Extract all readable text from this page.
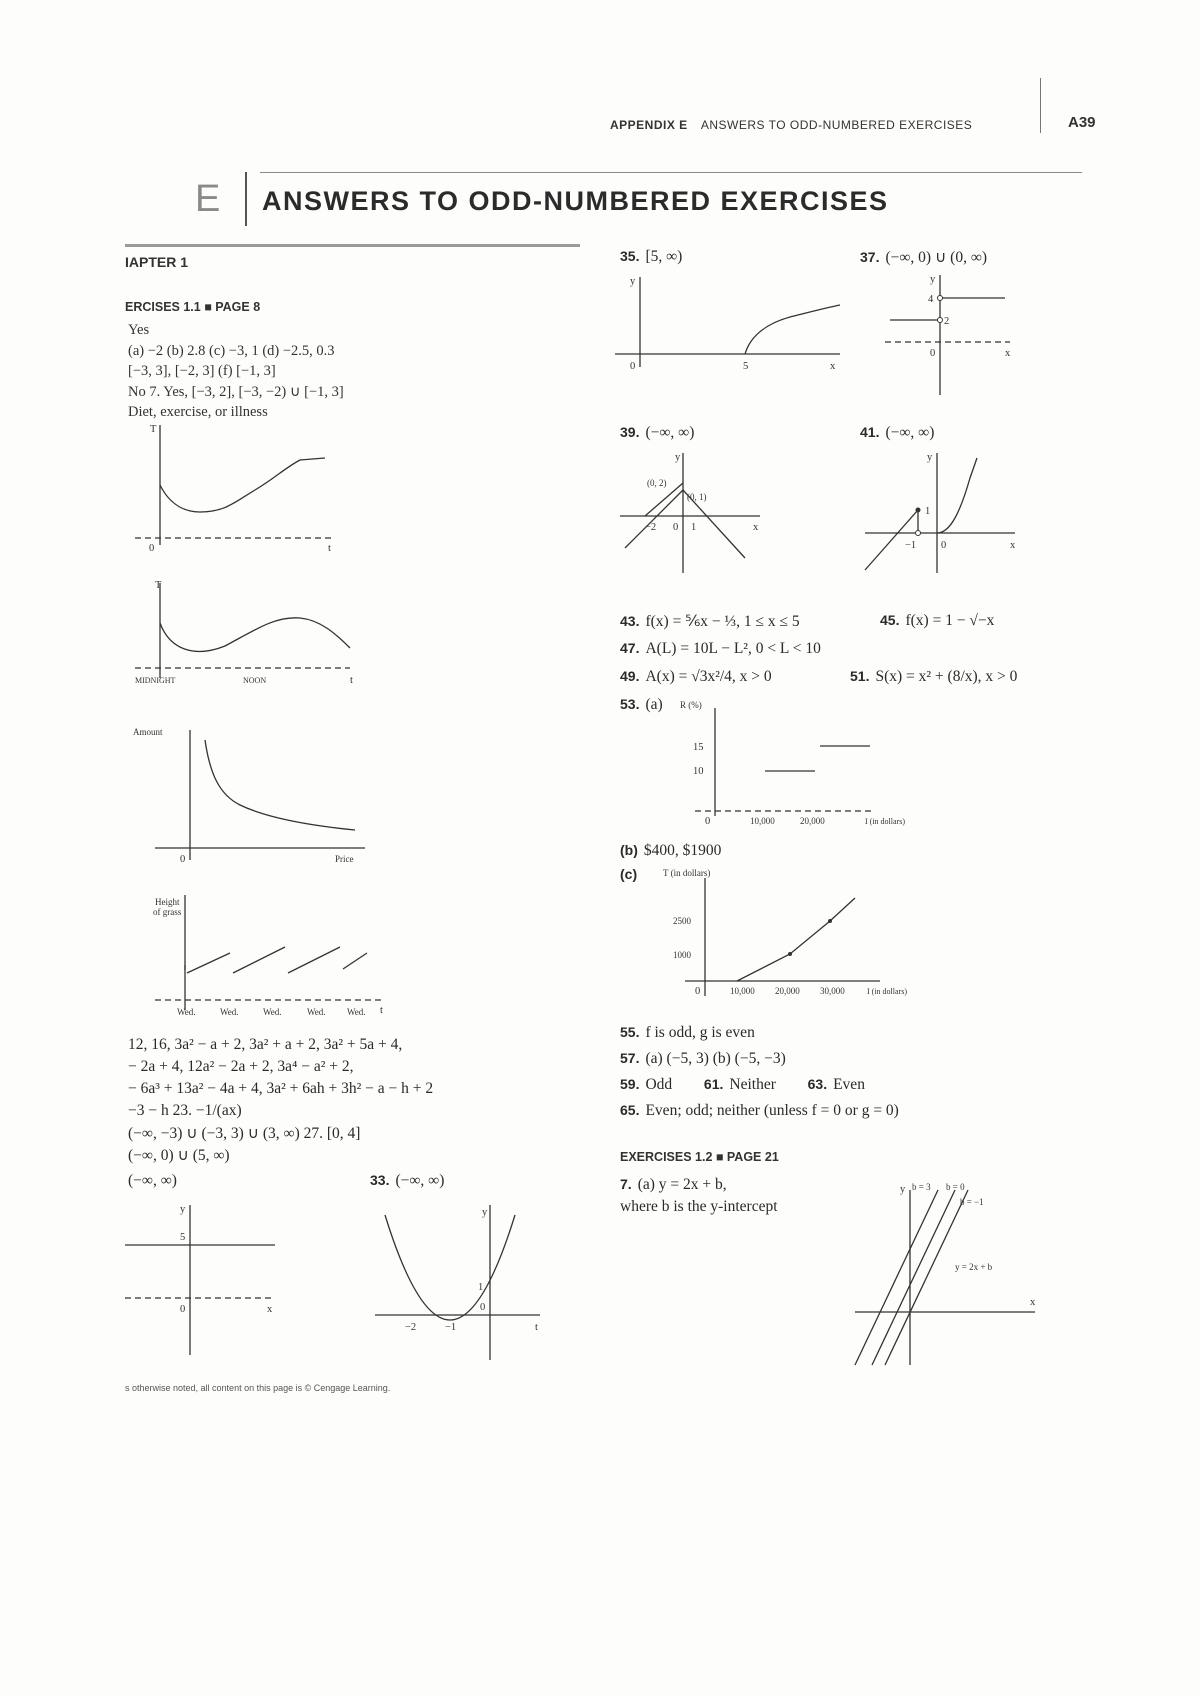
APPENDIX E ANSWERS TO ODD-NUMBERED EXERCISES	A39
E ANSWERS TO ODD-NUMBERED EXERCISES
IAPTER 1
ERCISES 1.1 ■ PAGE 8
Yes
(a) −2 (b) 2.8 (c) −3, 1 (d) −2.5, 0.3
[−3, 3], [−2, 3] (f) [−1, 3]
No 7. Yes, [−3, 2], [−3, −2) ∪ [−1, 3]
Diet, exercise, or illness
T
0	t
T
MIDNIGHT	NOON	t
Amount
0	Price
Height
of grass
Wed.	Wed.	Wed.	Wed. Wed. t
12, 16, 3a² − a + 2, 3a² + a + 2, 3a² + 5a + 4,
− 2a + 4, 12a² − 2a + 2, 3a⁴ − a² + 2,
− 6a³ + 13a² − 4a + 4, 3a² + 6ah + 3h² − a − h + 2
−3 − h 23. −1/(ax)
(−∞, −3) ∪ (−3, 3) ∪ (3, ∞) 27. [0, 4]
(−∞, 0) ∪ (5, ∞)
(−∞, ∞)	33. (−∞, ∞)
y
5
0	x
y
−2	−1
1
0
t
s otherwise noted, all content on this page is © Cengage Learning.
35. [5, ∞)	37. (−∞, 0) ∪ (0, ∞)
y
0	5	x
y
4
2
0	x
39. (−∞, ∞)	41. (−∞, ∞)
y
(0, 2)
(0, 1)
−2 0 1	x
y
1
−1 0	x
43. f(x) = ⅚x − ⅓, 1 ≤ x ≤ 5	45. f(x) = 1 − √−x
47. A(L) = 10L − L², 0 < L < 10
49. A(x) = √3x²/4, x > 0	51. S(x) = x² + (8/x), x > 0
53. (a) R (%)
15
10
0	10,000	20,000	I (in dollars)
(b) $400, $1900
(c)	T (in dollars)
2500
1000
0	10,000 20,000 30,000	I (in dollars)
55. f is odd, g is even
57. (a) (−5, 3) (b) (−5, −3)
59. Odd 61. Neither 63. Even
65. Even; odd; neither (unless f = 0 or g = 0)
EXERCISES 1.2 ■ PAGE 21
7. (a) y = 2x + b,
where b is the y-intercept
y b = 3 b = 0
b = −1
y = 2x + b
x
